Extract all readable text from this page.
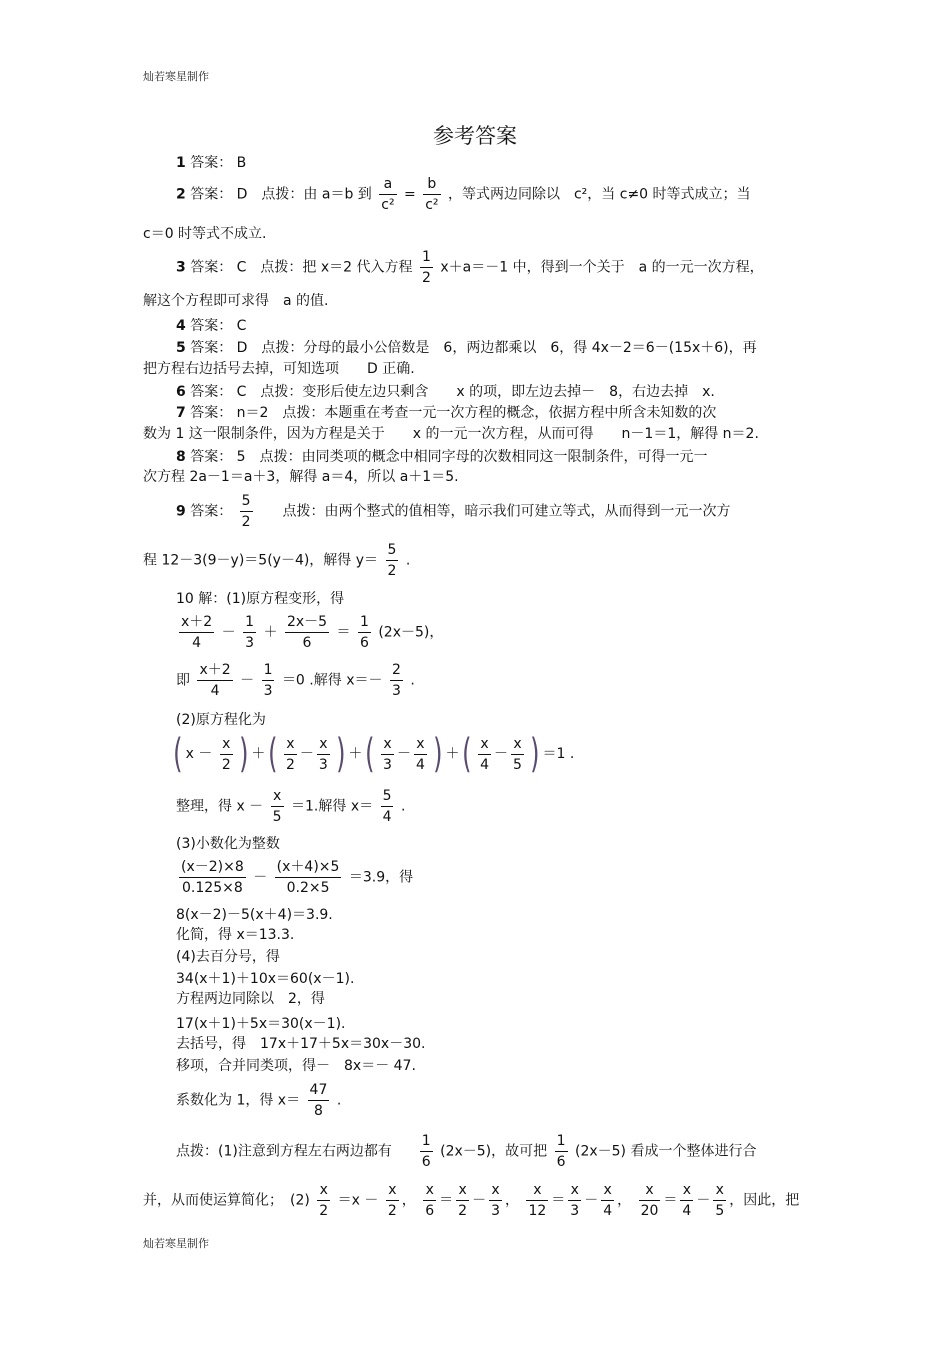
灿若寒星制作
参考答案
1 答案： B
2 答案： D　点拨：由 a＝b 到 $\frac{a}{\text{c²}} = \frac{b}{\text{c²}}$ ，等式两边同除以　c²，当 c≠0 时等式成立；当
c＝0 时等式不成立.
3 答案： C　点拨：把 x＝2 代入方程 $\frac{1}{2} x+a=-1$ 中，得到一个关于　a 的一元一次方程，
解这个方程即可求得　a 的值.
4 答案： C
5 答案： D　点拨：分母的最小公倍数是　6，两边都乘以　6，得 4x－2＝6－(15x＋6)，再
把方程右边括号去掉，可知选项　　D 正确.
6 答案： C　点拨：变形后使左边只剩含　　x 的项，即左边去掉－　8，右边去掉　x.
7 答案： n＝2　点拨：本题重在考查一元一次方程的概念，依据方程中所含未知数的次
数为 1 这一限制条件，因为方程是关于　　x 的一元一次方程，从而可得　　n－1＝1，解得 n＝2.
8 答案： 5　点拨：由同类项的概念中相同字母的次数相同这一限制条件，可得一元一
次方程 2a－1＝a＋3，解得 a＝4，所以 a＋1＝5.
9 答案： $\frac{5}{2}$ 点拨：由两个整式的值相等，暗示我们可建立等式，从而得到一元一次方
程 12－3(9－y)＝5(y－4)，解得 $y= \frac{5}{2}$ .
10 解：(1)原方程变形，得
$\frac{x+2}{4} - \frac{1}{3} + \frac{2x-5}{6} = \frac{1}{6} (2x-5)$，
即 $\frac{x+2}{4} - \frac{1}{3} =0$ .解得 $x=- \frac{2}{3}$ .
(2)原方程化为
( $x - \frac{x}{2}$ ) ＋( $\frac{x}{2} - \frac{x}{3}$ ) ＋( $\frac{x}{3} - \frac{x}{4}$ ) ＋( $\frac{x}{4} - \frac{x}{5}$ ) ＝1 .
整理，得 $x - \frac{x}{5} =1$.解得 $x= \frac{5}{4}$ .
(3)小数化为整数
$\frac{(x-2)\times 8}{0.125\times 8} - \frac{(x+4)\times 5}{0.2\times 5} =3.9$，得
8(x－2)－5(x＋4)＝3.9.
化简，得 x＝13.3.
(4)去百分号，得
34(x＋1)＋10x＝60(x－1).
方程两边同除以　2，得
17(x＋1)＋5x＝30(x－1).
去括号，得　17x＋17＋5x＝30x－30.
移项，合并同类项，得－　8x＝－ 47.
系数化为 1，得 $x= \frac{47}{8}$ .
点拨：(1)注意到方程左右两边都有 $\frac{1}{6} (2x-5)$，故可把 $\frac{1}{6} (2x-5)$ 看成一个整体进行合
并，从而使运算简化；　$(2) \frac{x}{2} =x - \frac{x}{2}$ ， $\frac{x}{6} = \frac{x}{2} - \frac{x}{3}$ ， $\frac{x}{12} = \frac{x}{3} - \frac{x}{4}$ ， $\frac{x}{20} = \frac{x}{4} - \frac{x}{5}$ ，因此，把
灿若寒星制作
